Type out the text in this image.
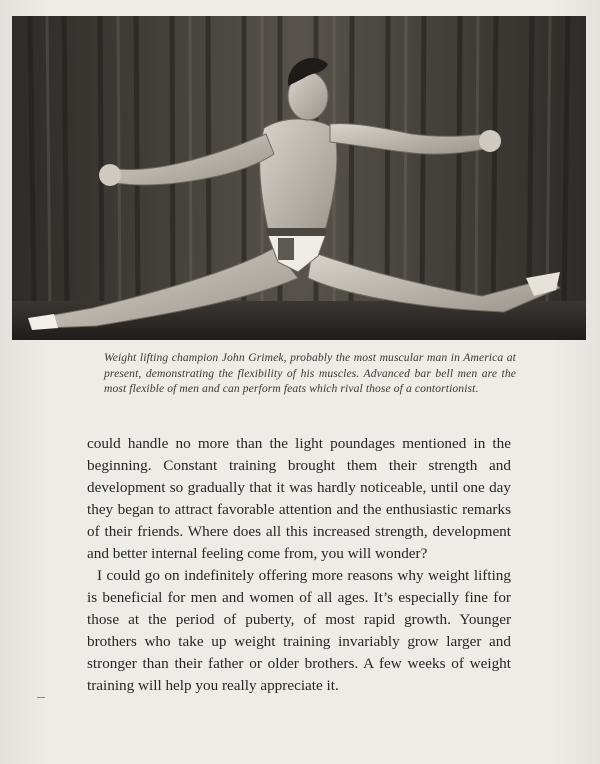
Weight lifting champion John Grimek, probably the most muscular man in America at present, demonstrating the flexibility of his muscles. Advanced bar bell men are the most flexible of men and can perform feats which rival those of a contortionist.

could handle no more than the light poundages mentioned in the beginning. Constant training brought them their strength and development so gradually that it was hardly noticeable, until one day they began to attract favorable attention and the enthusiastic remarks of their friends. Where does all this increased strength, development and better internal feeling come from, you will wonder?

I could go on indefinitely offering more reasons why weight lifting is beneficial for men and women of all ages. It’s especially fine for those at the period of puberty, of most rapid growth. Younger brothers who take up weight training invariably grow larger and stronger than their father or older brothers. A few weeks of weight training will help you really appreciate it.
